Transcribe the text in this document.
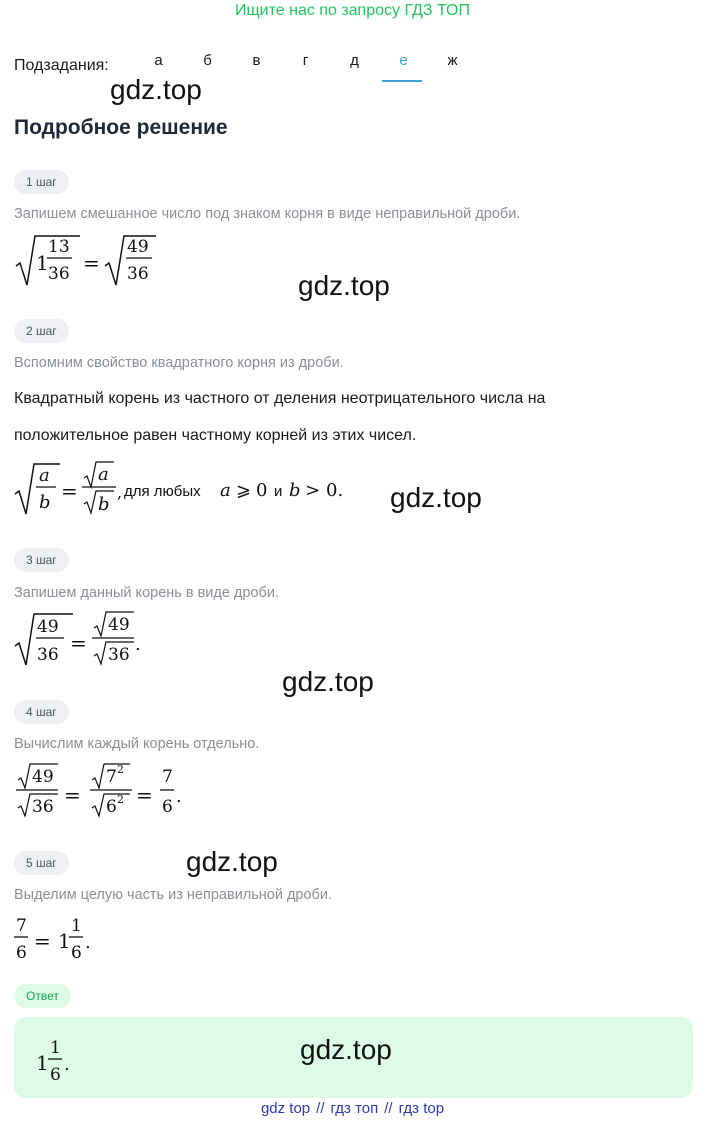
Ищите нас по запросу ГДЗ ТОП
Подзадания:	а	б	в	г	д	е	ж
gdz.top
Подробное решение
1 шаг
Запишем смешанное число под знаком корня в виде неправильной дроби.
1
13
36 =
49
36	gdz.top
2 шаг
Вспомним свойство квадратного корня из дроби.
Квадратный корень из частного от деления неотрицательного числа на
положительное равен частному корней из этих чисел.
a
b =
a
b
, для любых a ⩾ 0 и b > 0. gdz.top
3 шаг
Запишем данный корень в виде дроби.
49
36 =
49
36 .
gdz.top
4 шаг
Вычислим каждый корень отдельно.
49
36 =
7 2
6 2 =
7
6 .
gdz.top
5 шаг
Выделим целую часть из неправильной дроби.
7
6 = 1
1
6 .
Ответ
1
1
6 .	gdz.top
gdz top // гдз топ // гдз top
